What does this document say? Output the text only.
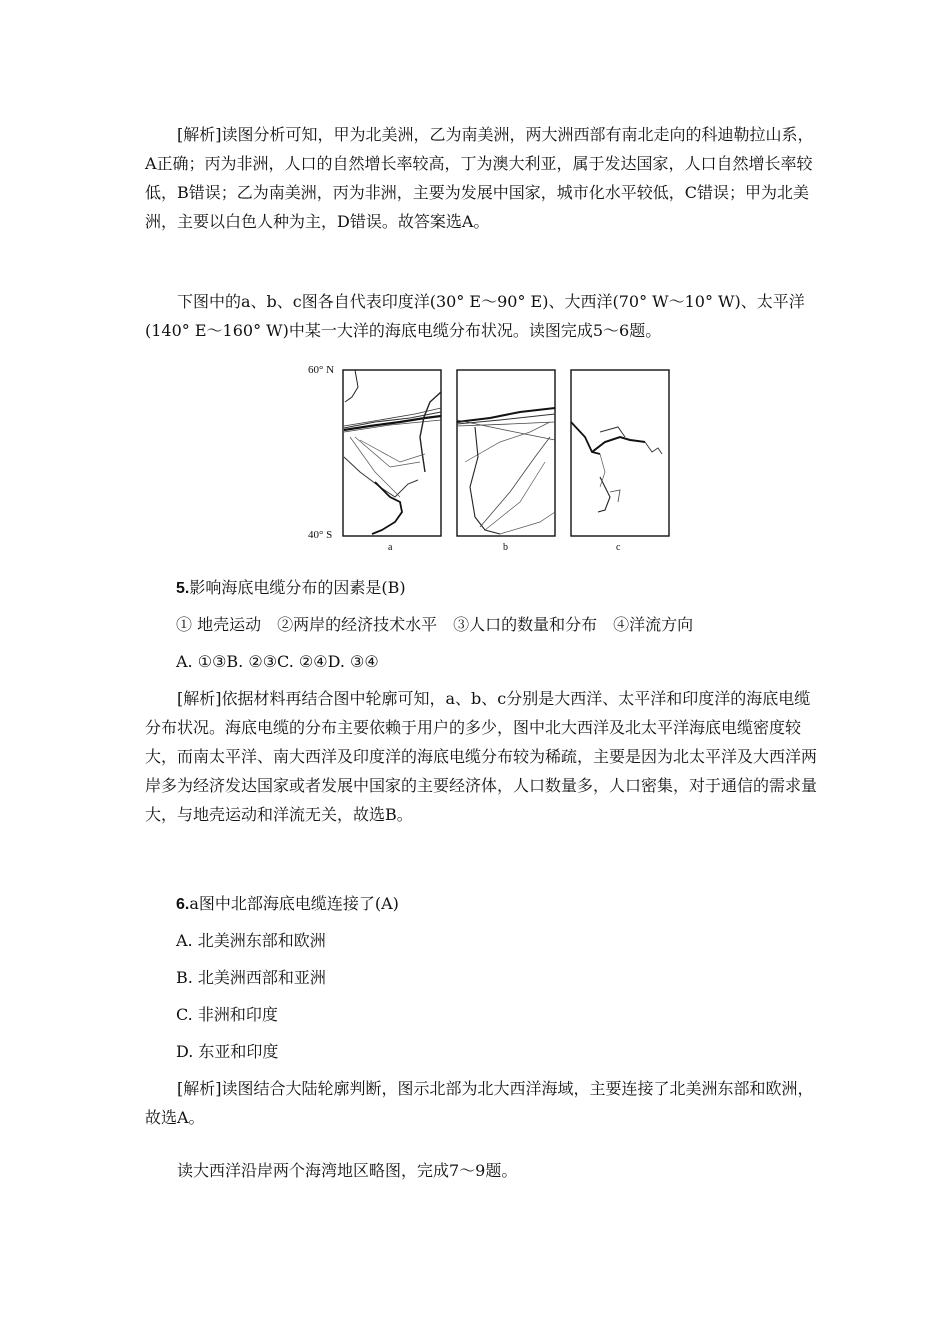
[解析]读图分析可知，甲为北美洲，乙为南美洲，两大洲西部有南北走向的科迪勒拉山系，A正确；丙为非洲，人口的自然增长率较高，丁为澳大利亚，属于发达国家，人口自然增长率较低，B错误；乙为南美洲，丙为非洲，主要为发展中国家，城市化水平较低，C错误；甲为北美洲，主要以白色人种为主，D错误。故答案选A。

下图中的a、b、c图各自代表印度洋(30° E～90° E)、大西洋(70° W～10° W)、太平洋(140° E～160° W)中某一大洋的海底电缆分布状况。读图完成5～6题。

60° N
40° S
a	b	c
5.影响海底电缆分布的因素是(B)
① 地壳运动　②两岸的经济技术水平　③人口的数量和分布　④洋流方向
A. ①③B. ②③C. ②④D. ③④

[解析]依据材料再结合图中轮廓可知，a、b、c分别是大西洋、太平洋和印度洋的海底电缆分布状况。海底电缆的分布主要依赖于用户的多少，图中北大西洋及北太平洋海底电缆密度较大，而南太平洋、南大西洋及印度洋的海底电缆分布较为稀疏，主要是因为北太平洋及大西洋两岸多为经济发达国家或者发展中国家的主要经济体，人口数量多，人口密集，对于通信的需求量大，与地壳运动和洋流无关，故选B。

6.a图中北部海底电缆连接了(A)
A. 北美洲东部和欧洲
B. 北美洲西部和亚洲
C. 非洲和印度
D. 东亚和印度

[解析]读图结合大陆轮廓判断，图示北部为北大西洋海域，主要连接了北美洲东部和欧洲，故选A。

读大西洋沿岸两个海湾地区略图，完成7～9题。
